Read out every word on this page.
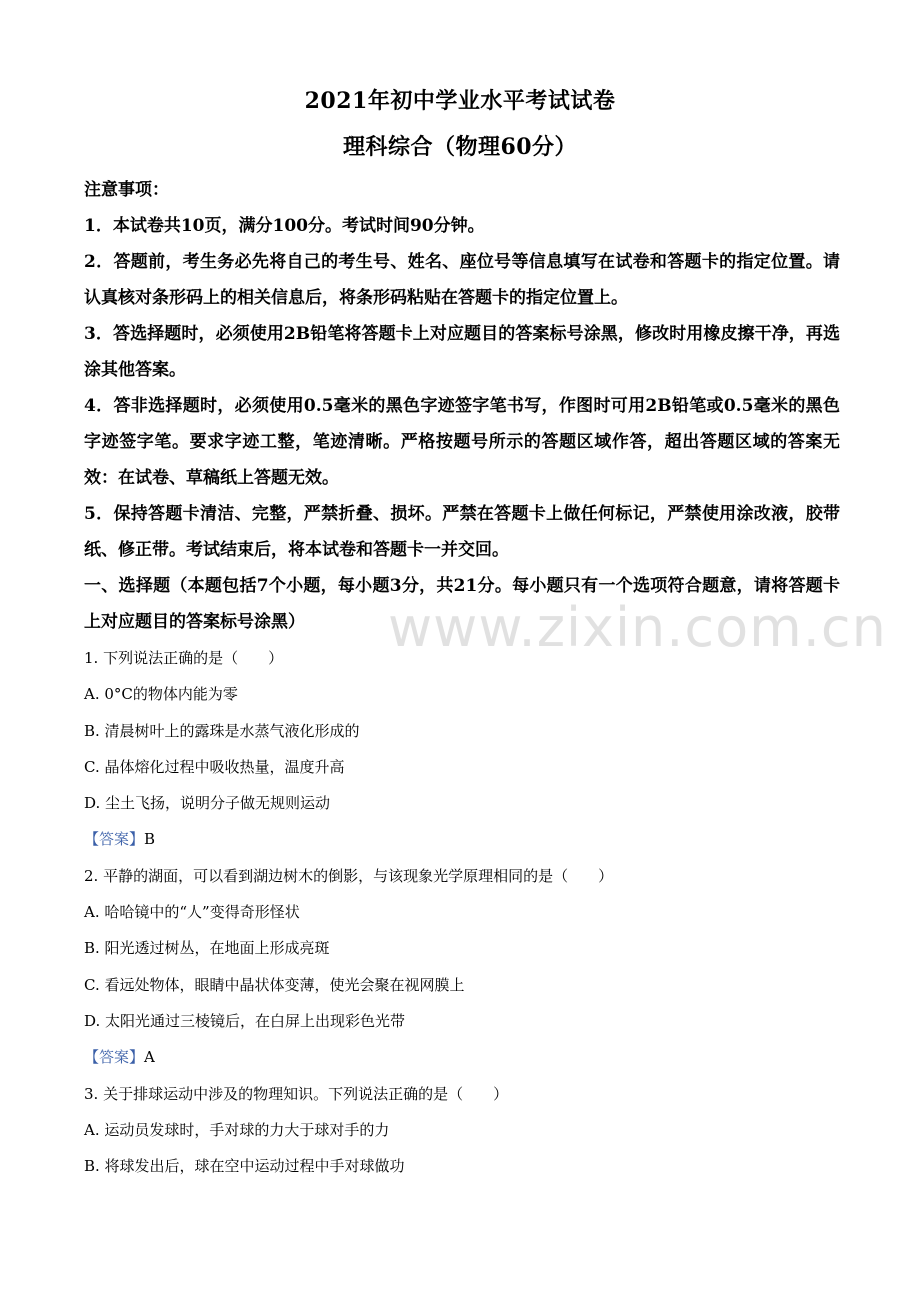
www.zixin.com.cn
2021年初中学业水平考试试卷
理科综合（物理60分）

注意事项：

1．本试卷共10页，满分100分。考试时间90分钟。

2．答题前，考生务必先将自己的考生号、姓名、座位号等信息填写在试卷和答题卡的指定位置。请认真核对条形码上的相关信息后，将条形码粘贴在答题卡的指定位置上。

3．答选择题时，必须使用2B铅笔将答题卡上对应题目的答案标号涂黑，修改时用橡皮擦干净，再选涂其他答案。

4．答非选择题时，必须使用0.5毫米的黑色字迹签字笔书写，作图时可用2B铅笔或0.5毫米的黑色字迹签字笔。要求字迹工整，笔迹清晰。严格按题号所示的答题区域作答，超出答题区域的答案无效：在试卷、草稿纸上答题无效。

5．保持答题卡清洁、完整，严禁折叠、损坏。严禁在答题卡上做任何标记，严禁使用涂改液，胶带纸、修正带。考试结束后，将本试卷和答题卡一并交回。

一、选择题（本题包括7个小题，每小题3分，共21分。每小题只有一个选项符合题意，请将答题卡上对应题目的答案标号涂黑）

1. 下列说法正确的是（　　）

A. 0°C的物体内能为零

B. 清晨树叶上的露珠是水蒸气液化形成的

C. 晶体熔化过程中吸收热量，温度升高

D. 尘土飞扬，说明分子做无规则运动

【答案】B

2. 平静的湖面，可以看到湖边树木的倒影，与该现象光学原理相同的是（　　）

A. 哈哈镜中的“人”变得奇形怪状

B. 阳光透过树丛，在地面上形成亮斑

C. 看远处物体，眼睛中晶状体变薄，使光会聚在视网膜上

D. 太阳光通过三棱镜后，在白屏上出现彩色光带

【答案】A

3. 关于排球运动中涉及的物理知识。下列说法正确的是（　　）

A. 运动员发球时，手对球的力大于球对手的力

B. 将球发出后，球在空中运动过程中手对球做功
